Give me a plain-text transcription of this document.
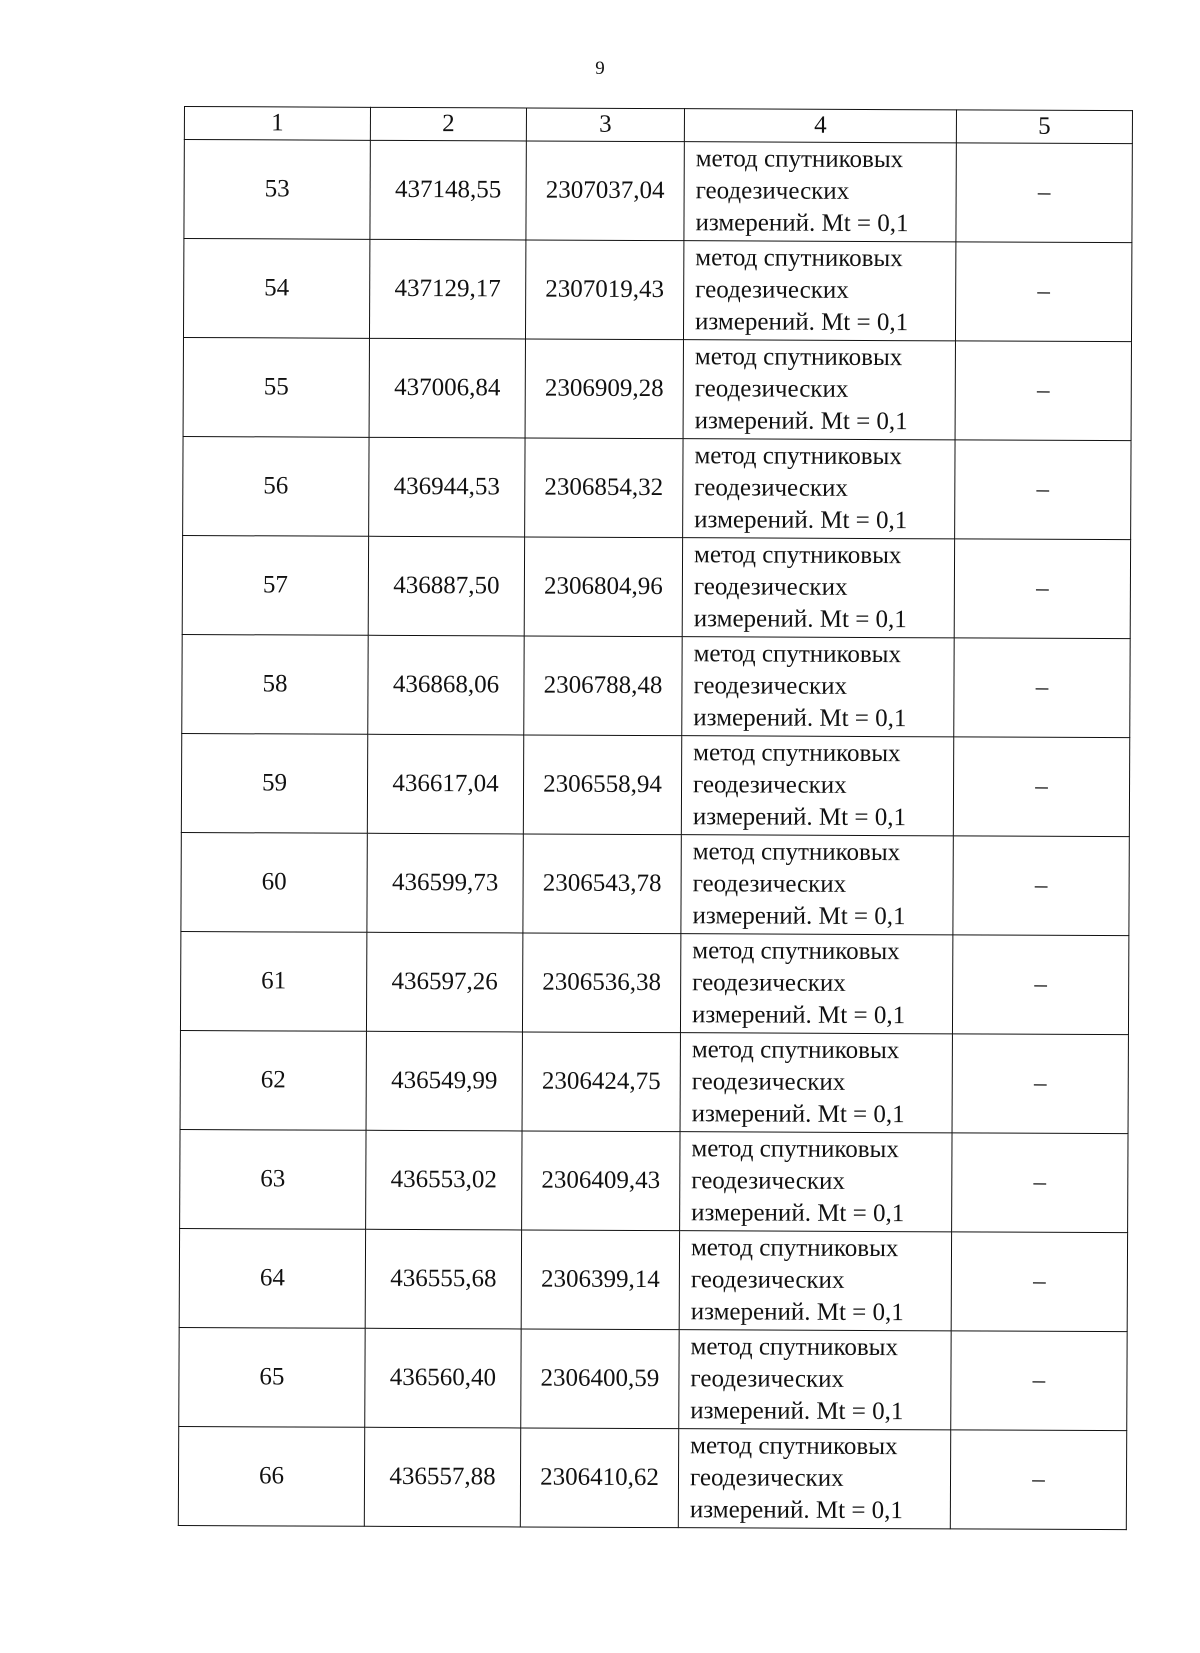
9
1	2	3	4	5
53	437148,55	2307037,04	метод спутниковых
геодезических
измерений. Mt = 0,1	–
54	437129,17	2307019,43	метод спутниковых
геодезических
измерений. Mt = 0,1	–
55	437006,84	2306909,28	метод спутниковых
геодезических
измерений. Mt = 0,1	–
56	436944,53	2306854,32	метод спутниковых
геодезических
измерений. Mt = 0,1	–
57	436887,50	2306804,96	метод спутниковых
геодезических
измерений. Mt = 0,1	–
58	436868,06	2306788,48	метод спутниковых
геодезических
измерений. Mt = 0,1	–
59	436617,04	2306558,94	метод спутниковых
геодезических
измерений. Mt = 0,1	–
60	436599,73	2306543,78	метод спутниковых
геодезических
измерений. Mt = 0,1	–
61	436597,26	2306536,38	метод спутниковых
геодезических
измерений. Mt = 0,1	–
62	436549,99	2306424,75	метод спутниковых
геодезических
измерений. Mt = 0,1	–
63	436553,02	2306409,43	метод спутниковых
геодезических
измерений. Mt = 0,1	–
64	436555,68	2306399,14	метод спутниковых
геодезических
измерений. Mt = 0,1	–
65	436560,40	2306400,59	метод спутниковых
геодезических
измерений. Mt = 0,1	–
66	436557,88	2306410,62	метод спутниковых
геодезических
измерений. Mt = 0,1	–
